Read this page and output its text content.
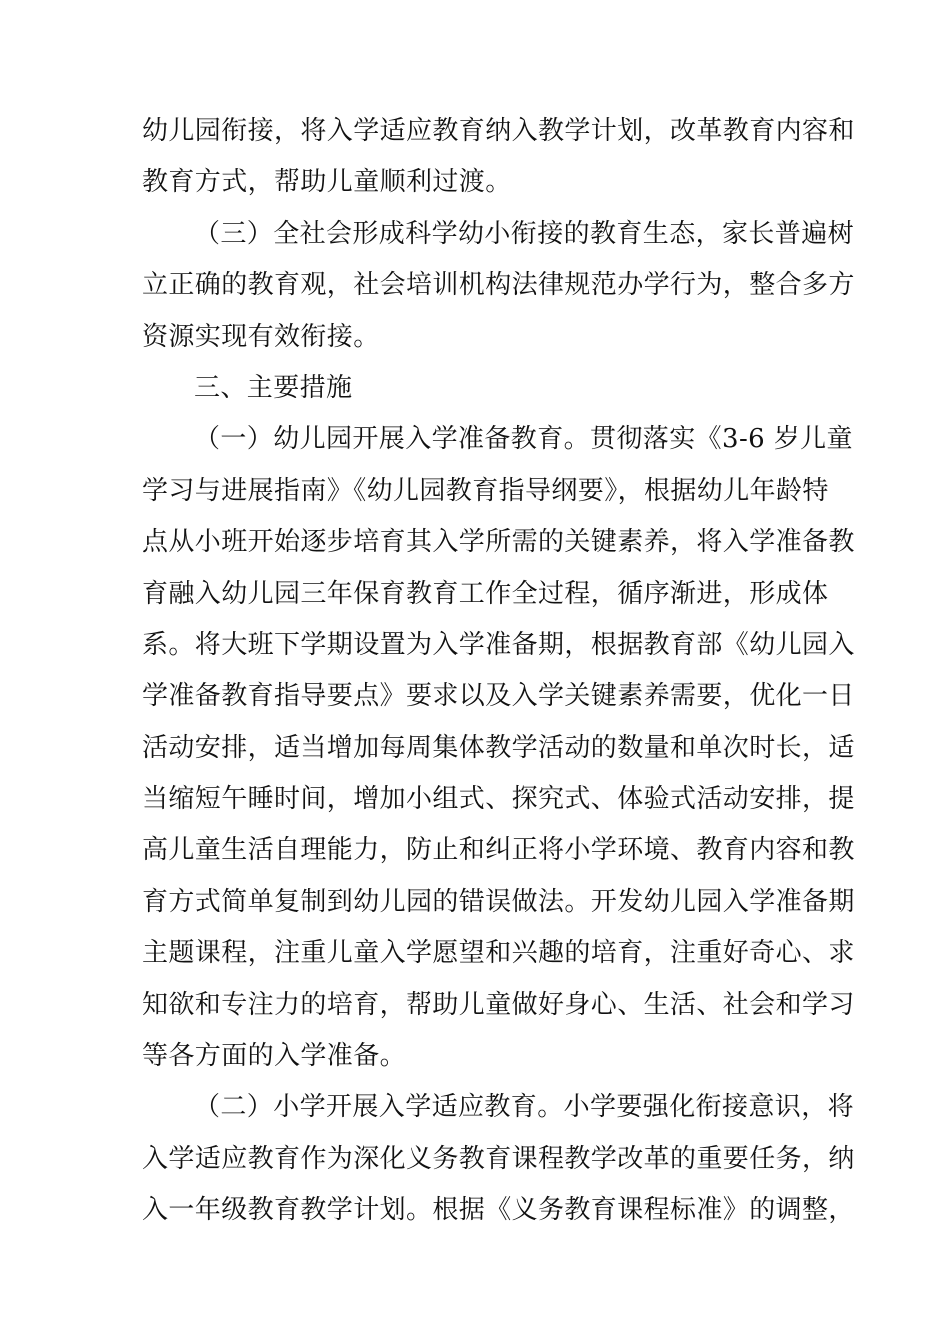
幼儿园衔接，将入学适应教育纳入教学计划，改革教育内容和
教育方式，帮助儿童顺利过渡。
（三）全社会形成科学幼小衔接的教育生态，家长普遍树
立正确的教育观，社会培训机构法律规范办学行为，整合多方
资源实现有效衔接。
三、主要措施
（一）幼儿园开展入学准备教育。贯彻落实《3-6 岁儿童
学习与进展指南》《幼儿园教育指导纲要》，根据幼儿年龄特
点从小班开始逐步培育其入学所需的关键素养，将入学准备教
育融入幼儿园三年保育教育工作全过程，循序渐进，形成体
系。将大班下学期设置为入学准备期，根据教育部《幼儿园入
学准备教育指导要点》要求以及入学关键素养需要，优化一日
活动安排，适当增加每周集体教学活动的数量和单次时长，适
当缩短午睡时间，增加小组式、探究式、体验式活动安排，提
高儿童生活自理能力，防止和纠正将小学环境、教育内容和教
育方式简单复制到幼儿园的错误做法。开发幼儿园入学准备期
主题课程，注重儿童入学愿望和兴趣的培育，注重好奇心、求
知欲和专注力的培育，帮助儿童做好身心、生活、社会和学习
等各方面的入学准备。
（二）小学开展入学适应教育。小学要强化衔接意识，将
入学适应教育作为深化义务教育课程教学改革的重要任务，纳
入一年级教育教学计划。根据《义务教育课程标准》的调整，
